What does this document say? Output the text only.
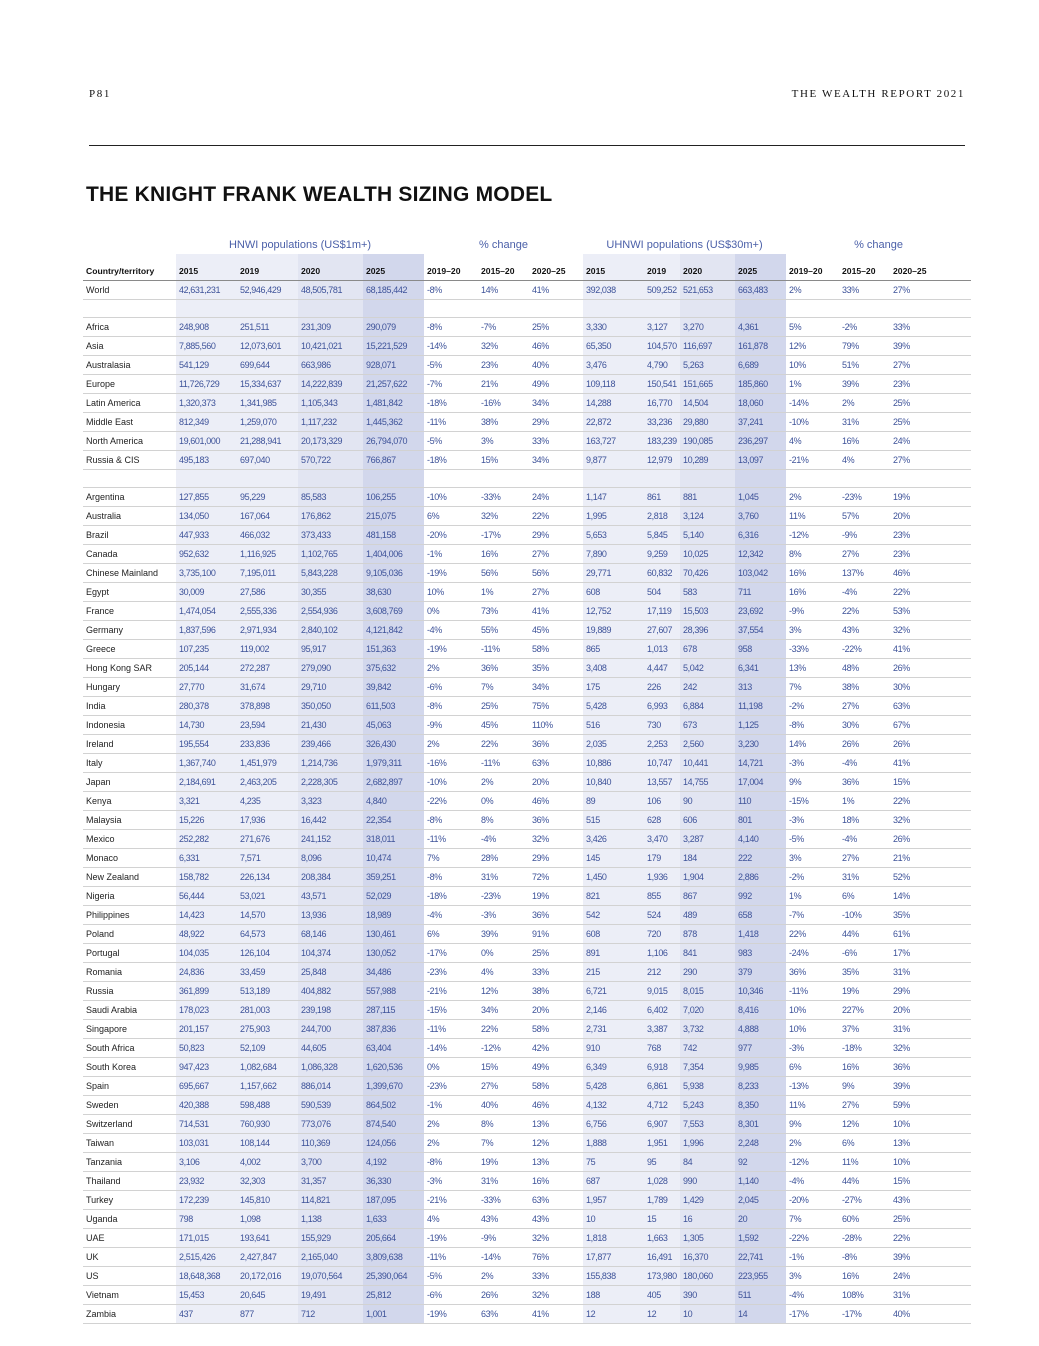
P81	THE WEALTH REPORT 2021
THE KNIGHT FRANK WEALTH SIZING MODEL
	HNWI populations (US$1m+)				% change			UHNWI populations (US$30m+)				% change		

Country/territory	2015	2019	2020	2025	2019–20	2015–20	2020–25	2015	2019	2020	2025	2019–20	2015–20	2020–25
World	42,631,231	52,946,429	48,505,781	68,185,442	-8%	14%	41%	392,038	509,252	521,653	663,483	2%	33%	27%

Africa	248,908	251,511	231,309	290,079	-8%	-7%	25%	3,330	3,127	3,270	4,361	5%	-2%	33%
Asia	7,885,560	12,073,601	10,421,021	15,221,529	-14%	32%	46%	65,350	104,570	116,697	161,878	12%	79%	39%
Australasia	541,129	699,644	663,986	928,071	-5%	23%	40%	3,476	4,790	5,263	6,689	10%	51%	27%
Europe	11,726,729	15,334,637	14,222,839	21,257,622	-7%	21%	49%	109,118	150,541	151,665	185,860	1%	39%	23%
Latin America	1,320,373	1,341,985	1,105,343	1,481,842	-18%	-16%	34%	14,288	16,770	14,504	18,060	-14%	2%	25%
Middle East	812,349	1,259,070	1,117,232	1,445,362	-11%	38%	29%	22,872	33,236	29,880	37,241	-10%	31%	25%
North America	19,601,000	21,288,941	20,173,329	26,794,070	-5%	3%	33%	163,727	183,239	190,085	236,297	4%	16%	24%
Russia & CIS	495,183	697,040	570,722	766,867	-18%	15%	34%	9,877	12,979	10,289	13,097	-21%	4%	27%

Argentina	127,855	95,229	85,583	106,255	-10%	-33%	24%	1,147	861	881	1,045	2%	-23%	19%
Australia	134,050	167,064	176,862	215,075	6%	32%	22%	1,995	2,818	3,124	3,760	11%	57%	20%
Brazil	447,933	466,032	373,433	481,158	-20%	-17%	29%	5,653	5,845	5,140	6,316	-12%	-9%	23%
Canada	952,632	1,116,925	1,102,765	1,404,006	-1%	16%	27%	7,890	9,259	10,025	12,342	8%	27%	23%
Chinese Mainland	3,735,100	7,195,011	5,843,228	9,105,036	-19%	56%	56%	29,771	60,832	70,426	103,042	16%	137%	46%
Egypt	30,009	27,586	30,355	38,630	10%	1%	27%	608	504	583	711	16%	-4%	22%
France	1,474,054	2,555,336	2,554,936	3,608,769	0%	73%	41%	12,752	17,119	15,503	23,692	-9%	22%	53%
Germany	1,837,596	2,971,934	2,840,102	4,121,842	-4%	55%	45%	19,889	27,607	28,396	37,554	3%	43%	32%
Greece	107,235	119,002	95,917	151,363	-19%	-11%	58%	865	1,013	678	958	-33%	-22%	41%
Hong Kong SAR	205,144	272,287	279,090	375,632	2%	36%	35%	3,408	4,447	5,042	6,341	13%	48%	26%
Hungary	27,770	31,674	29,710	39,842	-6%	7%	34%	175	226	242	313	7%	38%	30%
India	280,378	378,898	350,050	611,503	-8%	25%	75%	5,428	6,993	6,884	11,198	-2%	27%	63%
Indonesia	14,730	23,594	21,430	45,063	-9%	45%	110%	516	730	673	1,125	-8%	30%	67%
Ireland	195,554	233,836	239,466	326,430	2%	22%	36%	2,035	2,253	2,560	3,230	14%	26%	26%
Italy	1,367,740	1,451,979	1,214,736	1,979,311	-16%	-11%	63%	10,886	10,747	10,441	14,721	-3%	-4%	41%
Japan	2,184,691	2,463,205	2,228,305	2,682,897	-10%	2%	20%	10,840	13,557	14,755	17,004	9%	36%	15%
Kenya	3,321	4,235	3,323	4,840	-22%	0%	46%	89	106	90	110	-15%	1%	22%
Malaysia	15,226	17,936	16,442	22,354	-8%	8%	36%	515	628	606	801	-3%	18%	32%
Mexico	252,282	271,676	241,152	318,011	-11%	-4%	32%	3,426	3,470	3,287	4,140	-5%	-4%	26%
Monaco	6,331	7,571	8,096	10,474	7%	28%	29%	145	179	184	222	3%	27%	21%
New Zealand	158,782	226,134	208,384	359,251	-8%	31%	72%	1,450	1,936	1,904	2,886	-2%	31%	52%
Nigeria	56,444	53,021	43,571	52,029	-18%	-23%	19%	821	855	867	992	1%	6%	14%
Philippines	14,423	14,570	13,936	18,989	-4%	-3%	36%	542	524	489	658	-7%	-10%	35%
Poland	48,922	64,573	68,146	130,461	6%	39%	91%	608	720	878	1,418	22%	44%	61%
Portugal	104,035	126,104	104,374	130,052	-17%	0%	25%	891	1,106	841	983	-24%	-6%	17%
Romania	24,836	33,459	25,848	34,486	-23%	4%	33%	215	212	290	379	36%	35%	31%
Russia	361,899	513,189	404,882	557,988	-21%	12%	38%	6,721	9,015	8,015	10,346	-11%	19%	29%
Saudi Arabia	178,023	281,003	239,198	287,115	-15%	34%	20%	2,146	6,402	7,020	8,416	10%	227%	20%
Singapore	201,157	275,903	244,700	387,836	-11%	22%	58%	2,731	3,387	3,732	4,888	10%	37%	31%
South Africa	50,823	52,109	44,605	63,404	-14%	-12%	42%	910	768	742	977	-3%	-18%	32%
South Korea	947,423	1,082,684	1,086,328	1,620,536	0%	15%	49%	6,349	6,918	7,354	9,985	6%	16%	36%
Spain	695,667	1,157,662	886,014	1,399,670	-23%	27%	58%	5,428	6,861	5,938	8,233	-13%	9%	39%
Sweden	420,388	598,488	590,539	864,502	-1%	40%	46%	4,132	4,712	5,243	8,350	11%	27%	59%
Switzerland	714,531	760,930	773,076	874,540	2%	8%	13%	6,756	6,907	7,553	8,301	9%	12%	10%
Taiwan	103,031	108,144	110,369	124,056	2%	7%	12%	1,888	1,951	1,996	2,248	2%	6%	13%
Tanzania	3,106	4,002	3,700	4,192	-8%	19%	13%	75	95	84	92	-12%	11%	10%
Thailand	23,932	32,303	31,357	36,330	-3%	31%	16%	687	1,028	990	1,140	-4%	44%	15%
Turkey	172,239	145,810	114,821	187,095	-21%	-33%	63%	1,957	1,789	1,429	2,045	-20%	-27%	43%
Uganda	798	1,098	1,138	1,633	4%	43%	43%	10	15	16	20	7%	60%	25%
UAE	171,015	193,641	155,929	205,664	-19%	-9%	32%	1,818	1,663	1,305	1,592	-22%	-28%	22%
UK	2,515,426	2,427,847	2,165,040	3,809,638	-11%	-14%	76%	17,877	16,491	16,370	22,741	-1%	-8%	39%
US	18,648,368	20,172,016	19,070,564	25,390,064	-5%	2%	33%	155,838	173,980	180,060	223,955	3%	16%	24%
Vietnam	15,453	20,645	19,491	25,812	-6%	26%	32%	188	405	390	511	-4%	108%	31%
Zambia	437	877	712	1,001	-19%	63%	41%	12	12	10	14	-17%	-17%	40%
